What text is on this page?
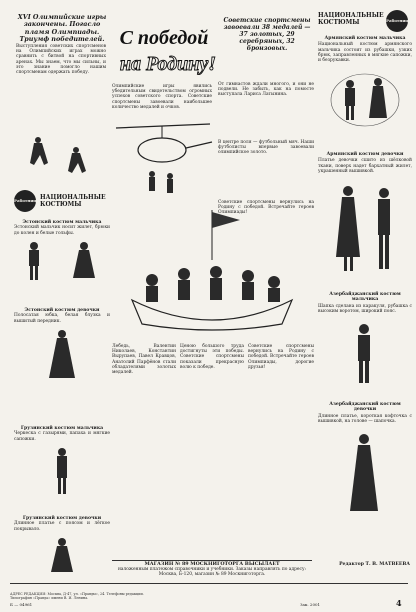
XVI Олимпийские игры закончены. Погасло пламя Олимпиады. Триумф победителей. С победой
на Родину!
Советские спортсмены завоевали 38 медалей — 37 золотых, 29 серебряных, 32 бронзовых.
НАЦИОНАЛЬНЫЕ КОСТЮМЫ	Работница
Армянский костюм мальчика
Национальный костюм армянского мальчика состоит из рубашки, узких брюк, заправленных в мягкие сапожки, и безрукавки.
Армянский костюм девочки
Платье девочки сшито из шёлковой ткани, поверх надет бархатный жилет, украшенный вышивкой.
Азербайджанский костюм мальчика
Шапка сделана из каракуля, рубашка с высоким воротом, широкий пояс.
Азербайджанский костюм девочки
Длинное платье, короткая кофточка с вышивкой, на голове — шапочка.
Редактор Т. В. МАТВЕЕВА
Выступления советских спортсменов на Олимпийских играх можно сравнить с битвой на спортивных аренах. Мы знаем, что мы сильны, и это знание помогло нашим спортсменам одержать победу.
Олимпийские игры явились убедительным свидетельством огромных успехов советского спорта. Советские спортсмены завоевали наибольшее количество медалей и очков.
От гимнастов ждали многого, и они не подвели. Не забыть, как на помосте выступала Лариса Латынина.
В центре поля — футбольный мяч. Наши футболисты впервые завоевали олимпийское золото.
Работница НАЦИОНАЛЬНЫЕ КОСТЮМЫ
Эстонский костюм мальчика
Эстонский мальчик носит жилет, брюки до колен и белые гольфы.
Эстонский костюм девочки
Полосатая юбка, белая блузка и вышитый передник.
Грузинский костюм мальчика
Черкеска с газырями, папаха и мягкие сапожки.
Грузинский костюм девочки
Длинное платье с поясом и лёгкое покрывало.
Лебедь, Валентин Николаев, Константин Вырупаев, Павел Кравцов, Анатолий Парфёнов стали обладателями золотых медалей.
Ценою большого труда достигнуты эти победы. Советские спортсмены показали прекрасную волю к победе.
Советские спортсмены вернулись на Родину с победой. Встречайте героев Олимпиады, дорогие друзья!
Советские спортсмены вернулись на Родину с победой. Встречайте героев Олимпиады!
МАГАЗИН № 89 МОСКНИГОТОРГА ВЫСЫЛАЕТ
наложенным платежом справочники и учебники. Заказы направлять по адресу: Москва, Б-120, магазин № 89 Москниготорга.
АДРЕС РЕДАКЦИИ: Москва, Д-47, ул. «Правды», 24. Телефоны редакции.
Типография «Правда» имени В. И. Ленина.
Б — 04961	Зак. 2001	4
